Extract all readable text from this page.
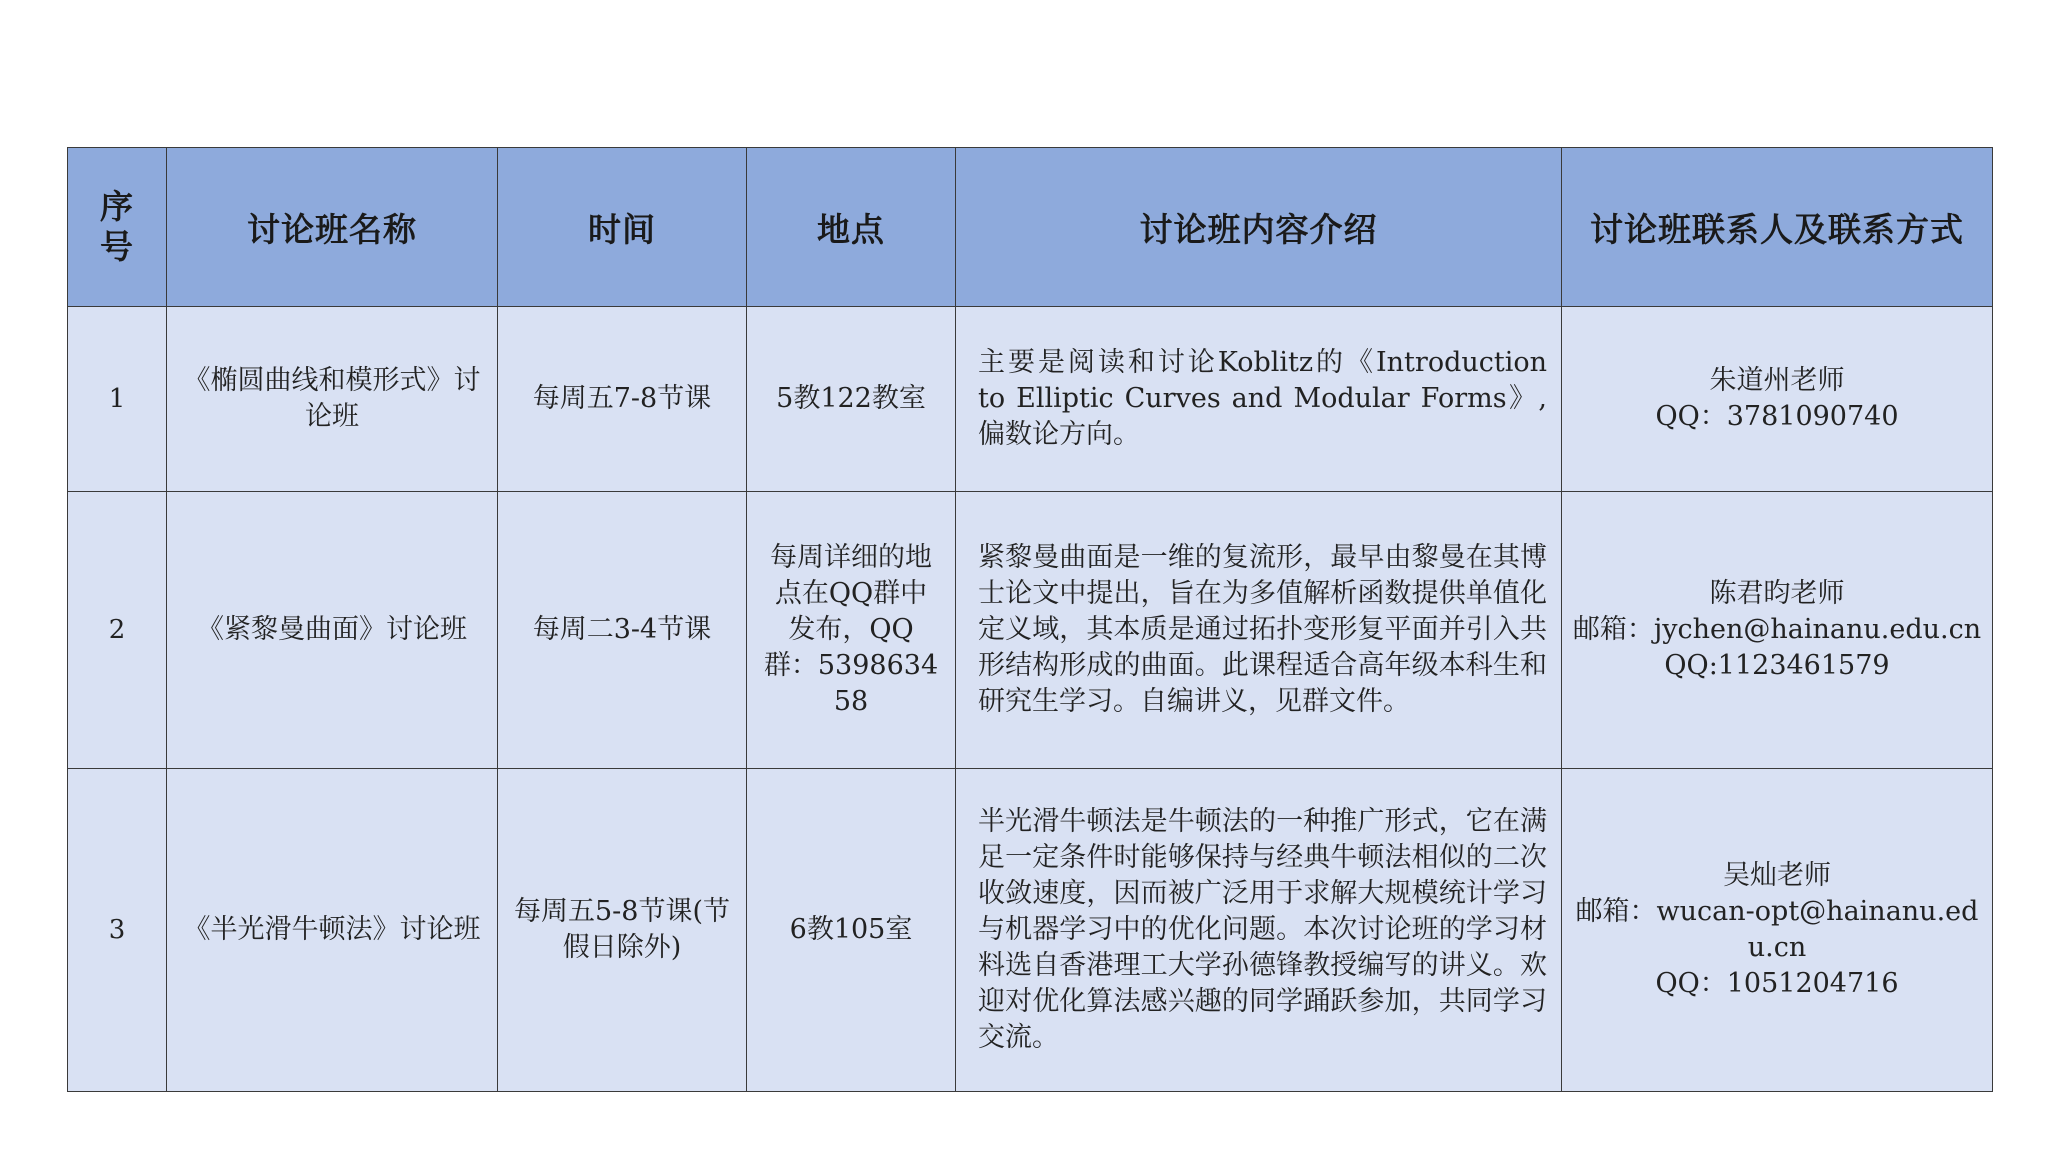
序号	讨论班名称	时间	地点	讨论班内容介绍	讨论班联系人及联系方式
1	《椭圆曲线和模形式》讨论班	每周五7-8节课	5教122教室	主要是阅读和讨论Koblitz的《Introduction to Elliptic Curves and Modular Forms》,偏数论方向。	朱道州老师
QQ：3781090740

2	《紧黎曼曲面》讨论班	每周二3-4节课	每周详细的地点在QQ群中发布，QQ群：539863458	紧黎曼曲面是一维的复流形，最早由黎曼在其博士论文中提出，旨在为多值解析函数提供单值化定义域，其本质是通过拓扑变形复平面并引入共形结构形成的曲面。此课程适合高年级本科生和研究生学习。自编讲义，见群文件。	陈君昀老师
邮箱：jychen@hainanu.edu.cn
QQ:1123461579

3	《半光滑牛顿法》讨论班	每周五5-8节课(节假日除外)	6教105室	半光滑牛顿法是牛顿法的一种推广形式，它在满足一定条件时能够保持与经典牛顿法相似的二次收敛速度，因而被广泛用于求解大规模统计学习与机器学习中的优化问题。本次讨论班的学习材料选自香港理工大学孙德锋教授编写的讲义。欢迎对优化算法感兴趣的同学踊跃参加，共同学习交流。	吴灿老师
邮箱：wucan-opt@hainanu.edu.cn
QQ：1051204716
